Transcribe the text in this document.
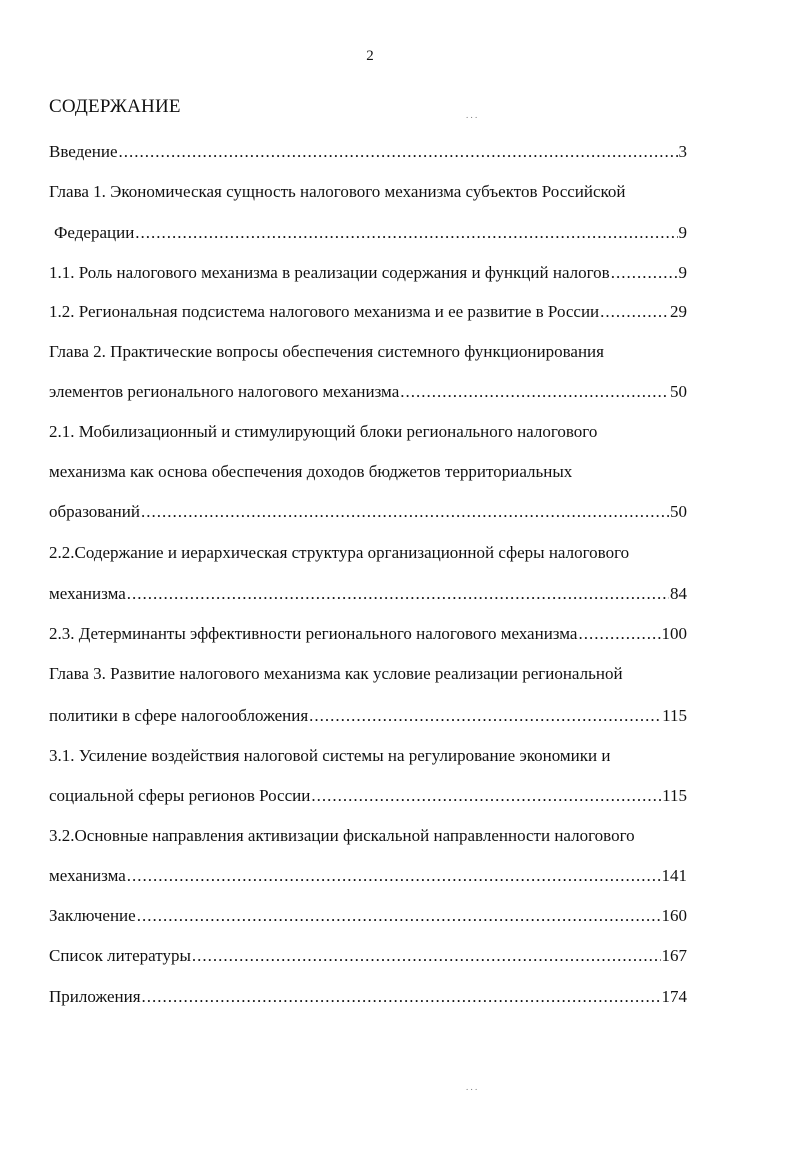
2
СОДЕРЖАНИЕ
Введение .....	3
Глава 1. Экономическая сущность налогового механизма субъектов Российской
Федерации .....	9
1.1. Роль налогового механизма в реализации содержания и функций налогов .....	9
1.2. Региональная подсистема налогового механизма и ее развитие в России .....	29
Глава 2. Практические вопросы обеспечения системного функционирования
элементов регионального налогового механизма .....	50
2.1. Мобилизационный и стимулирующий блоки регионального налогового
механизма как основа обеспечения доходов бюджетов территориальных
образований .....	50
2.2.Содержание и иерархическая структура организационной сферы налогового
механизма .....	84
2.3. Детерминанты эффективности регионального налогового механизма .....	100
Глава 3. Развитие налогового механизма как условие реализации региональной
политики в сфере налогообложения .....	115
3.1. Усиление воздействия налоговой системы на регулирование экономики и
социальной сферы регионов России .....	115
3.2.Основные направления активизации фискальной направленности налогового
механизма .....	141
Заключение .....	160
Список литературы .....	167
Приложения .....	174
. . .
. . .
